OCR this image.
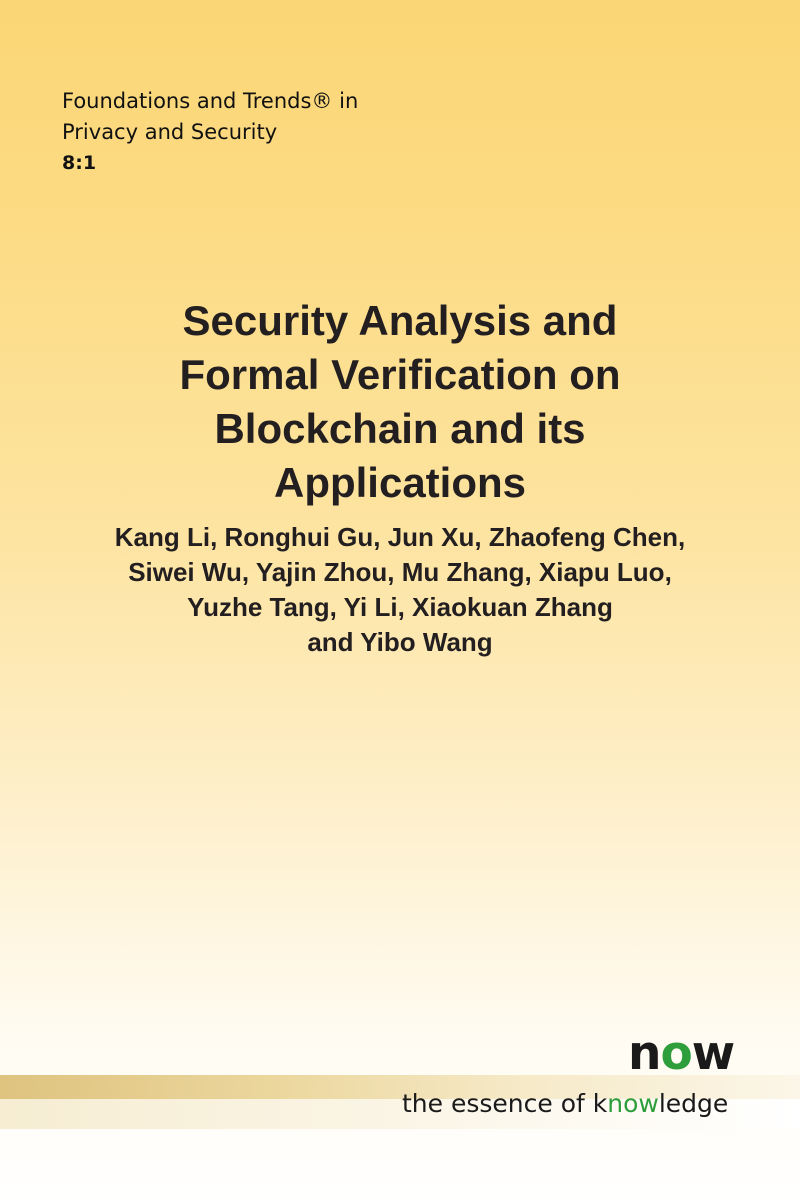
Foundations and Trends® in
Privacy and Security
8:1
Security Analysis and
Formal Verification on
Blockchain and its
Applications
Kang Li, Ronghui Gu, Jun Xu, Zhaofeng Chen,
Siwei Wu, Yajin Zhou, Mu Zhang, Xiapu Luo,
Yuzhe Tang, Yi Li, Xiaokuan Zhang
and Yibo Wang
now
the essence of knowledge
